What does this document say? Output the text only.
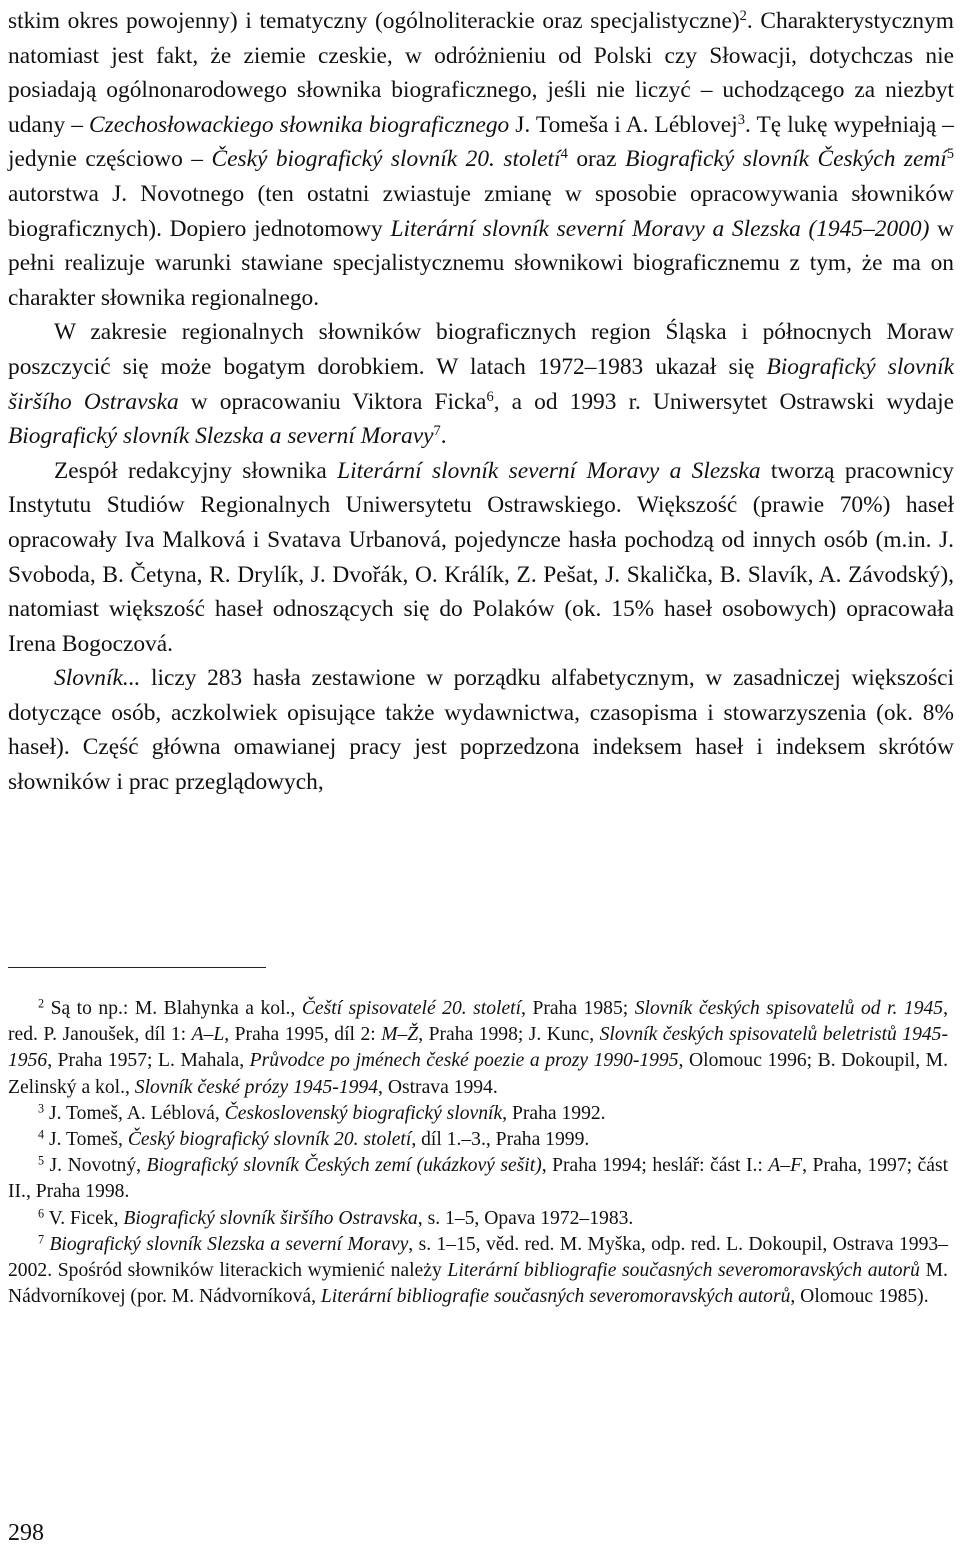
stkim okres powojenny) i tematyczny (ogólnoliterackie oraz specjalistyczne)$^2$. Charakterystycznym natomiast jest fakt, że ziemie czeskie, w odróżnieniu od Polski czy Słowacji, dotychczas nie posiadają ogólnonarodowego słownika biograficznego, jeśli nie liczyć – uchodzącego za niezbyt udany – Czechosłowackiego słownika biograficznego J. Tomeša i A. Léblovej$^3$. Tę lukę wypełniają – jedynie częściowo – Český biografický slovník 20. století$^4$ oraz Biografický slovník Českých zemí$^5$ autorstwa J. Novotnego (ten ostatni zwiastuje zmianę w sposobie opracowywania słowników biograficznych). Dopiero jednotomowy Literární slovník severní Moravy a Slezska (1945–2000) w pełni realizuje warunki stawiane specjalistycznemu słownikowi biograficznemu z tym, że ma on charakter słownika regionalnego.

W zakresie regionalnych słowników biograficznych region Śląska i północnych Moraw poszczycić się może bogatym dorobkiem. W latach 1972–1983 ukazał się Biografický slovník širšího Ostravska w opracowaniu Viktora Ficka$^6$, a od 1993 r. Uniwersytet Ostrawski wydaje Biografický slovník Slezska a severní Moravy$^7$.

Zespół redakcyjny słownika Literární slovník severní Moravy a Slezska tworzą pracownicy Instytutu Studiów Regionalnych Uniwersytetu Ostrawskiego. Większość (prawie 70%) haseł opracowały Iva Malková i Svatava Urbanová, pojedyncze hasła pochodzą od innych osób (m.in. J. Svoboda, B. Četyna, R. Drylík, J. Dvořák, O. Králík, Z. Pešat, J. Skalička, B. Slavík, A. Závodský), natomiast większość haseł odnoszących się do Polaków (ok. 15% haseł osobowych) opracowała Irena Bogoczová.

Slovník... liczy 283 hasła zestawione w porządku alfabetycznym, w zasadniczej większości dotyczące osób, aczkolwiek opisujące także wydawnictwa, czasopisma i stowarzyszenia (ok. 8% haseł). Część główna omawianej pracy jest poprzedzona indeksem haseł i indeksem skrótów słowników i prac przeglądowych,

$^2$ Są to np.: M. Blahynka a kol., Čeští spisovatelé 20. století, Praha 1985; Slovník českých spisovatelů od r. 1945, red. P. Janoušek, díl 1: A–L, Praha 1995, díl 2: M–Ž, Praha 1998; J. Kunc, Slovník českých spisovatelů beletristů 1945-1956, Praha 1957; L. Mahala, Průvodce po jménech české poezie a prozy 1990-1995, Olomouc 1996; B. Dokoupil, M. Zelinský a kol., Slovník české prózy 1945-1994, Ostrava 1994.

$^3$ J. Tomeš, A. Léblová, Československý biografický slovník, Praha 1992.

$^4$ J. Tomeš, Český biografický slovník 20. století, díl 1.–3., Praha 1999.

$^5$ J. Novotný, Biografický slovník Českých zemí (ukázkový sešit), Praha 1994; heslář: část I.: A–F, Praha, 1997; část II., Praha 1998.

$^6$ V. Ficek, Biografický slovník širšího Ostravska, s. 1–5, Opava 1972–1983.

$^7$ Biografický slovník Slezska a severní Moravy, s. 1–15, věd. red. M. Myška, odp. red. L. Dokoupil, Ostrava 1993–2002. Spośród słowników literackich wymienić należy Literární bibliografie současných severomoravských autorů M. Nádvorníkovej (por. M. Nádvorníková, Literární bibliografie současných severomoravských autorů, Olomouc 1985).

298
